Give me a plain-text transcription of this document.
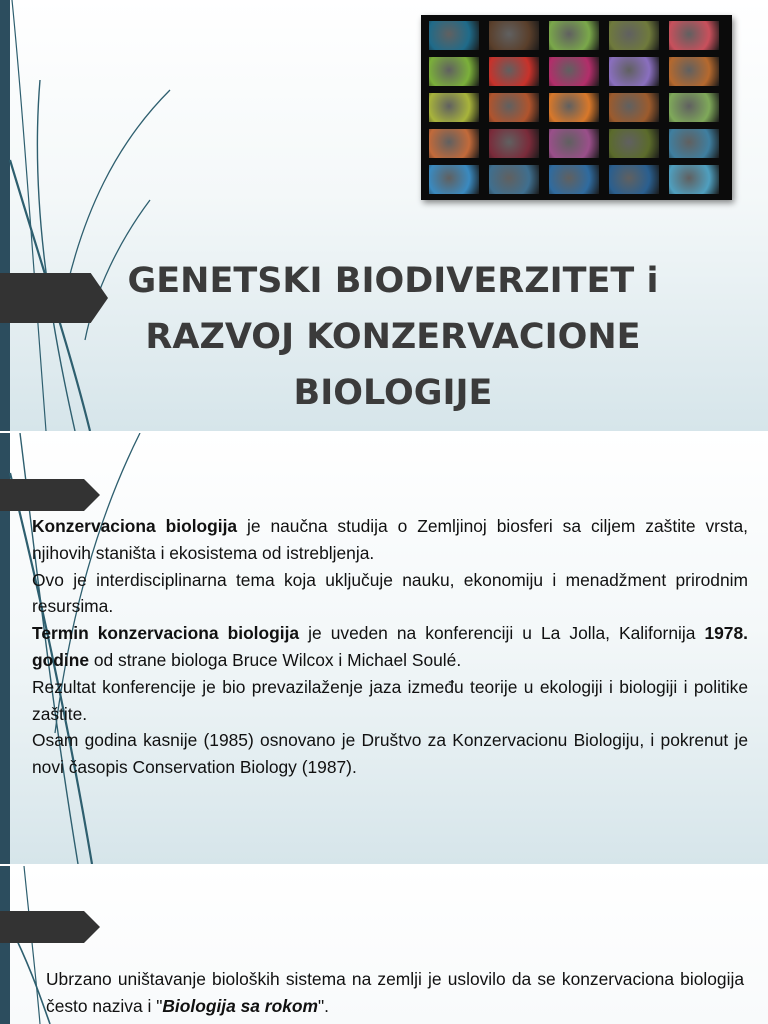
GENETSKI BIODIVERZITET i
RAZVOJ KONZERVACIONE
BIOLOGIJE

Konzervaciona biologija je naučna studija o Zemljinoj biosferi sa ciljem zaštite vrsta, njihovih staništa i ekosistema od istrebljenja.

Ovo je interdisciplinarna tema koja uključuje nauku, ekonomiju i menadžment prirodnim resursima.

Termin konzervaciona biologija je uveden na konferenciji u La Jolla, Kalifornija 1978. godine od strane biologa Bruce Wilcox i Michael Soulé.

Rezultat konferencije je bio prevazilaženje jaza između teorije u ekologiji i biologiji i politike zaštite.

Osam godina kasnije (1985) osnovano je Društvo za Konzervacionu Biologiju, i pokrenut je novi časopis Conservation Biology (1987).

Ubrzano uništavanje bioloških sistema na zemlji je uslovilo da se konzervaciona biologija često naziva i "Biologija sa rokom".
